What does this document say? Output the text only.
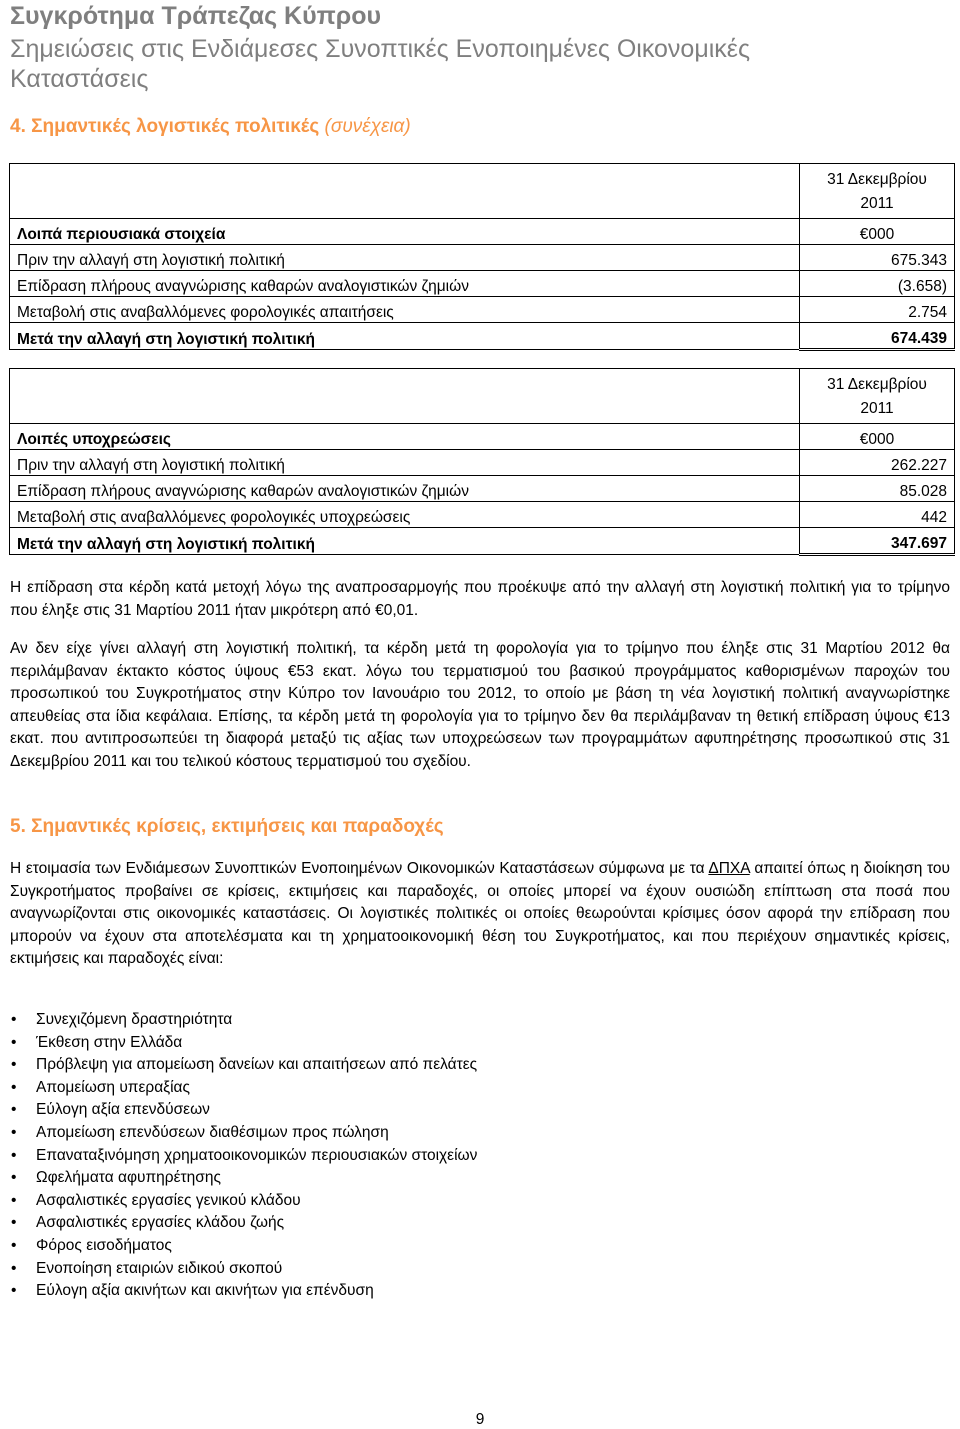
Συγκρότημα Τράπεζας Κύπρου
Σημειώσεις στις Ενδιάμεσες Συνοπτικές Ενοποιημένες Οικονομικές Καταστάσεις
4. Σημαντικές λογιστικές πολιτικές (συνέχεια)

	31 Δεκεμβρίου
2011

Λοιπά περιουσιακά στοιχεία	€000
Πριν την αλλαγή στη λογιστική πολιτική	675.343
Επίδραση πλήρους αναγνώρισης καθαρών αναλογιστικών ζημιών	(3.658)
Μεταβολή στις αναβαλλόμενες φορολογικές απαιτήσεις	2.754
Μετά την αλλαγή στη λογιστική πολιτική	674.439

	31 Δεκεμβρίου
2011

Λοιπές υποχρεώσεις	€000
Πριν την αλλαγή στη λογιστική πολιτική	262.227
Επίδραση πλήρους αναγνώρισης καθαρών αναλογιστικών ζημιών	85.028
Μεταβολή στις αναβαλλόμενες φορολογικές υποχρεώσεις	442
Μετά την αλλαγή στη λογιστική πολιτική	347.697
Η επίδραση στα κέρδη κατά μετοχή λόγω της αναπροσαρμογής που προέκυψε από την αλλαγή στη λογιστική πολιτική για το τρίμηνο που έληξε στις 31 Μαρτίου 2011 ήταν μικρότερη από €0,01.
Αν δεν είχε γίνει αλλαγή στη λογιστική πολιτική, τα κέρδη μετά τη φορολογία για το τρίμηνο που έληξε στις 31 Μαρτίου 2012 θα περιλάμβαναν έκτακτο κόστος ύψους €53 εκατ. λόγω του τερματισμού του βασικού προγράμματος καθορισμένων παροχών του προσωπικού του Συγκροτήματος στην Κύπρο τον Ιανουάριο του 2012, το οποίο με βάση τη νέα λογιστική πολιτική αναγνωρίστηκε απευθείας στα ίδια κεφάλαια. Επίσης, τα κέρδη μετά τη φορολογία για το τρίμηνο δεν θα περιλάμβαναν τη θετική επίδραση ύψους €13 εκατ. που αντιπροσωπεύει τη διαφορά μεταξύ τις αξίας των υποχρεώσεων των προγραμμάτων αφυπηρέτησης προσωπικού στις 31 Δεκεμβρίου 2011 και του τελικού κόστους τερματισμού του σχεδίου.
5. Σημαντικές κρίσεις, εκτιμήσεις και παραδοχές
Η ετοιμασία των Ενδιάμεσων Συνοπτικών Ενοποιημένων Οικονομικών Καταστάσεων σύμφωνα με τα ΔΠΧΑ απαιτεί όπως η διοίκηση του Συγκροτήματος προβαίνει σε κρίσεις, εκτιμήσεις και παραδοχές, οι οποίες μπορεί να έχουν ουσιώδη επίπτωση στα ποσά που αναγνωρίζονται στις οικονομικές καταστάσεις. Οι λογιστικές πολιτικές οι οποίες θεωρούνται κρίσιμες όσον αφορά την επίδραση που μπορούν να έχουν στα αποτελέσματα και τη χρηματοοικονομική θέση του Συγκροτήματος, και που περιέχουν σημαντικές κρίσεις, εκτιμήσεις και παραδοχές είναι:
• Συνεχιζόμενη δραστηριότητα
• Έκθεση στην Ελλάδα
• Πρόβλεψη για απομείωση δανείων και απαιτήσεων από πελάτες
• Απομείωση υπεραξίας
• Εύλογη αξία επενδύσεων
• Απομείωση επενδύσεων διαθέσιμων προς πώληση
• Επαναταξινόμηση χρηματοοικονομικών περιουσιακών στοιχείων
• Ωφελήματα αφυπηρέτησης
• Ασφαλιστικές εργασίες γενικού κλάδου
• Ασφαλιστικές εργασίες κλάδου ζωής
• Φόρος εισοδήματος
• Ενοποίηση εταιριών ειδικού σκοπού
• Εύλογη αξία ακινήτων και ακινήτων για επένδυση
9
